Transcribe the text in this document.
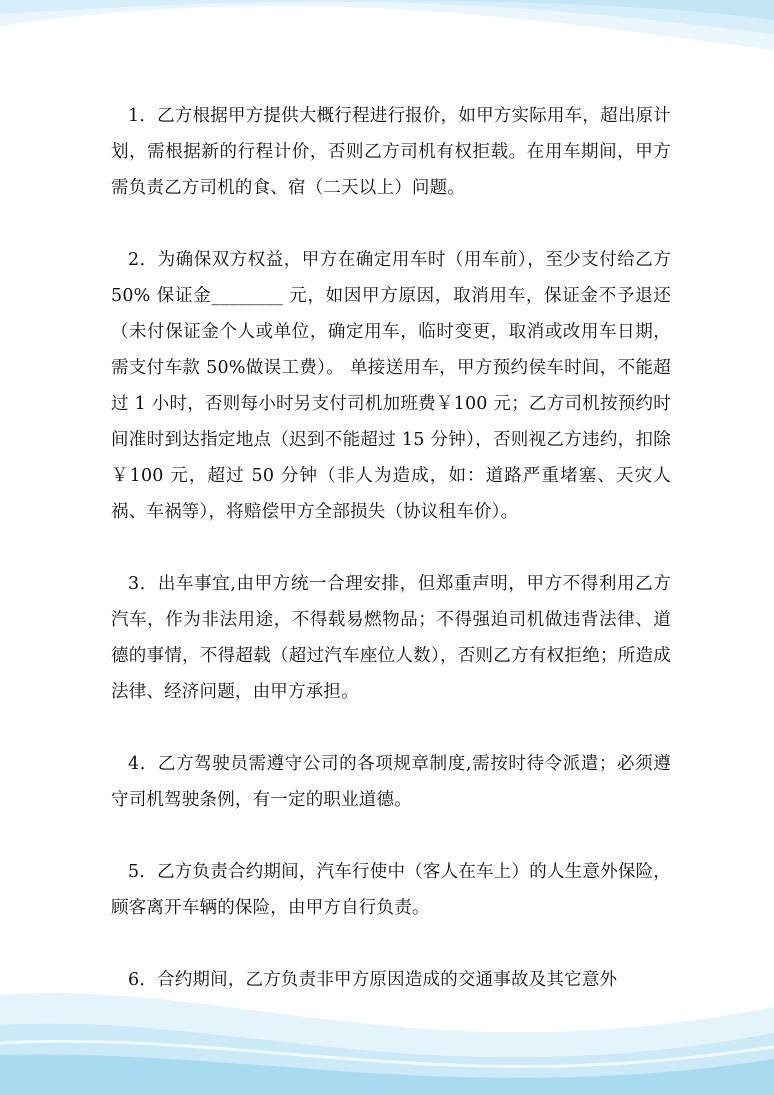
1．乙方根据甲方提供大概行程进行报价，如甲方实际用车，超出原计划，需根据新的行程计价，否则乙方司机有权拒载。在用车期间，甲方需负责乙方司机的食、宿（二天以上）问题。

2．为确保双方权益，甲方在确定用车时（用车前），至少支付给乙方 50% 保证金________ 元，如因甲方原因，取消用车，保证金不予退还（未付保证金个人或单位，确定用车，临时变更，取消或改用车日期，需支付车款 50%做误工费）。 单接送用车，甲方预约侯车时间，不能超过 1 小时，否则每小时另支付司机加班费￥100 元；乙方司机按预约时间准时到达指定地点（迟到不能超过 15 分钟），否则视乙方违约，扣除￥100 元，超过 50 分钟（非人为造成，如：道路严重堵塞、天灾人祸、车祸等），将赔偿甲方全部损失（协议租车价）。

3．出车事宜,由甲方统一合理安排，但郑重声明，甲方不得利用乙方汽车，作为非法用途，不得载易燃物品；不得强迫司机做违背法律、道德的事情，不得超载（超过汽车座位人数），否则乙方有权拒绝；所造成法律、经济问题，由甲方承担。

4．乙方驾驶员需遵守公司的各项规章制度,需按时待令派遣；必须遵守司机驾驶条例，有一定的职业道德。

5．乙方负责合约期间，汽车行使中（客人在车上）的人生意外保险，顾客离开车辆的保险，由甲方自行负责。

6．合约期间，乙方负责非甲方原因造成的交通事故及其它意外
